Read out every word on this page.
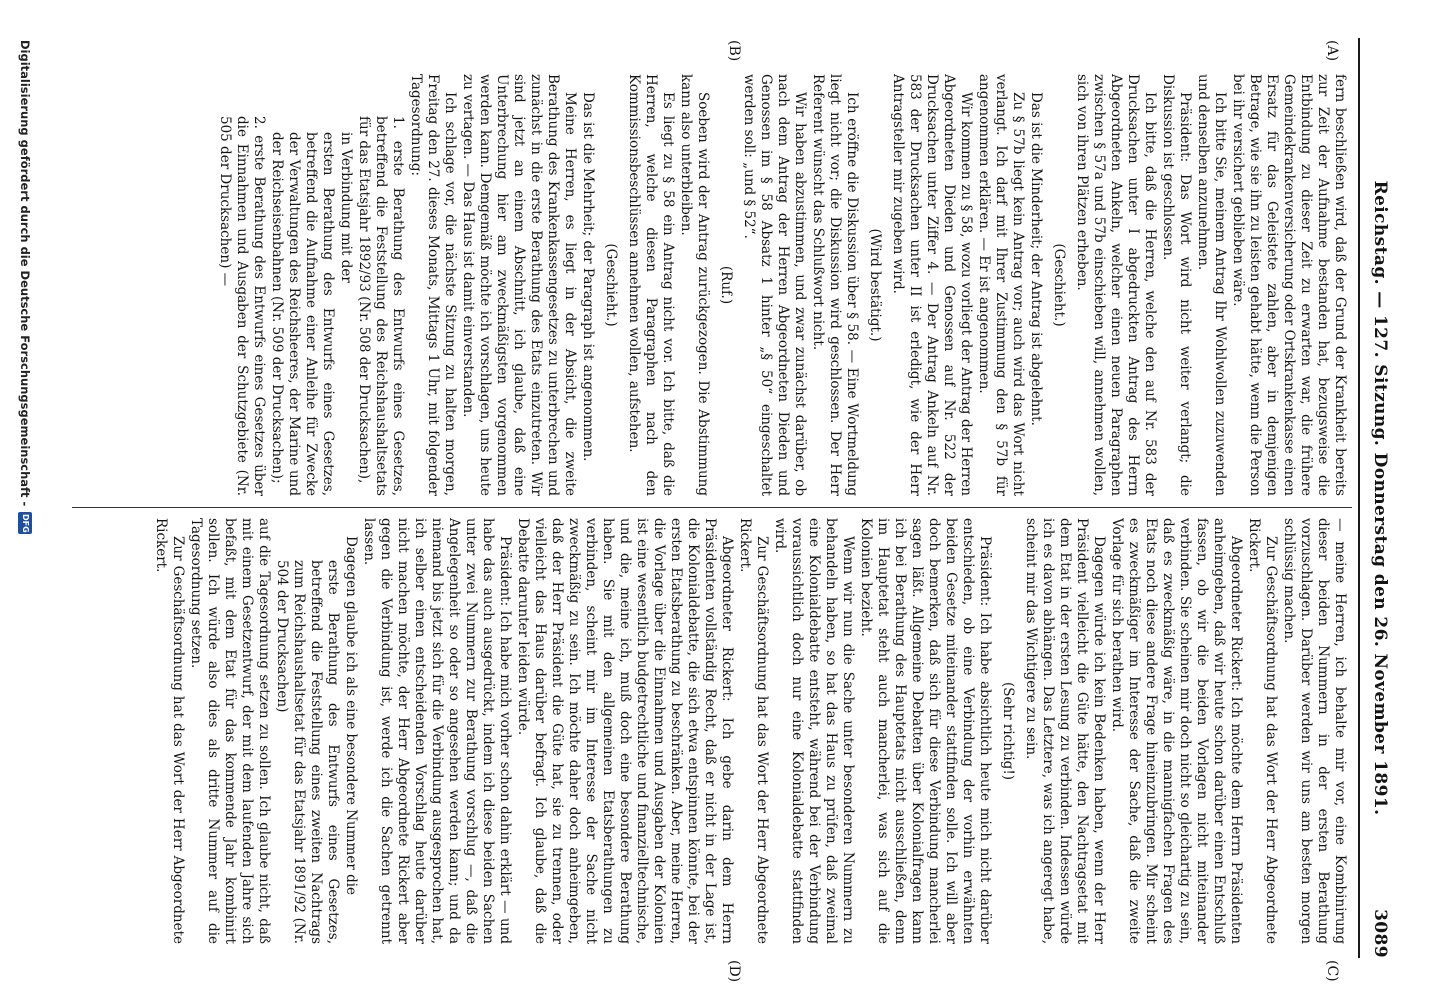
Reichstag. — 127. Sitzung. Donnerstag den 26. November 1891.
3089
(A)
(B)
(C)
(D)

fern beschließen wird, daß der Grund der Krankheit bereits zur Zeit der Aufnahme bestanden hat, bezugsweise die Entbindung zu dieser Zeit zu erwarten war, die frühere Gemeindekrankenversicherung oder Ortskrankenkasse einen Ersatz für das Geleistete zahlen, aber in demjenigen Betrage, wie sie ihn zu leisten gehabt hätte, wenn die Person bei ihr versichert geblieben wäre.

Ich bitte Sie, meinem Antrag Ihr Wohlwollen zuzuwenden und denselben anzunehmen.

Präsident: Das Wort wird nicht weiter verlangt; die Diskussion ist geschlossen.

Ich bitte, daß die Herren, welche den auf Nr. 583 der Drucksachen unter I abgedruckten Antrag des Herrn Abgeordneten Ankeln, welcher einen neuen Paragraphen zwischen § 57a und 57b einschieben will, annehmen wollen, sich von ihren Plätzen erheben.

(Geschieht.)

Das ist die Minderheit; der Antrag ist abgelehnt.

Zu § 57b liegt kein Antrag vor; auch wird das Wort nicht verlangt. Ich darf mit Ihrer Zustimmung den § 57b für angenommen erklären. — Er ist angenommen.

Wir kommen zu § 58, wozu vorliegt der Antrag der Herren Abgeordneten Dieden und Genossen auf Nr. 522 der Drucksachen unter Ziffer 4. — Der Antrag Ankeln auf Nr. 583 der Drucksachen unter II ist erledigt, wie der Herr Antragsteller mir zugeben wird.

(Wird bestätigt.)

Ich eröffne die Diskussion über § 58. — Eine Wortmeldung liegt nicht vor; die Diskussion wird geschlossen. Der Herr Referent wünscht das Schlußwort nicht.

Wir haben abzustimmen, und zwar zunächst darüber, ob nach dem Antrag der Herren Abgeordneten Dieden und Genossen im § 58 Absatz 1 hinter „§ 50“ eingeschaltet werden soll: „und § 52“.

(Ruf.)

Soeben wird der Antrag zurückgezogen. Die Abstimmung kann also unterbleiben.

Es liegt zu § 58 ein Antrag nicht vor. Ich bitte, daß die Herren, welche diesen Paragraphen nach den Kommissionsbeschlüssen annehmen wollen, aufstehen.

(Geschieht.)

Das ist die Mehrheit; der Paragraph ist angenommen.

Meine Herren, es liegt in der Absicht, die zweite Berathung des Krankenkassengesetzes zu unterbrechen und zunächst in die erste Berathung des Etats einzutreten. Wir sind jetzt an einem Abschnitt, ich glaube, daß eine Unterbrechung hier am zweckmäßigsten vorgenommen werden kann. Demgemäß möchte ich vorschlagen, uns heute zu vertagen. — Das Haus ist damit einverstanden.

Ich schlage vor, die nächste Sitzung zu halten morgen, Freitag den 27. dieses Monats, Mittags 1 Uhr, mit folgender Tagesordnung:

1. erste Berathung des Entwurfs eines Gesetzes, betreffend die Feststellung des Reichshaushaltsetats für das Etatsjahr 1892/93 (Nr. 508 der Drucksachen),

in Verbindung mit der

ersten Berathung des Entwurfs eines Gesetzes, betreffend die Aufnahme einer Anleihe für Zwecke der Verwaltungen des Reichsheeres, der Marine und der Reichseisenbahnen (Nr. 509 der Drucksachen);

2. erste Berathung des Entwurfs eines Gesetzes über die Einnahmen und Ausgaben der Schutzgebiete (Nr. 505 der Drucksachen) —

— meine Herren, ich behalte mir vor, eine Kombinirung dieser beiden Nummern in der ersten Berathung vorzuschlagen. Darüber werden wir uns am besten morgen schlüssig machen.

Zur Geschäftsordnung hat das Wort der Herr Abgeordnete Rickert.

Abgeordneter Rickert: Ich möchte dem Herrn Präsidenten anheimgeben, daß wir heute schon darüber einen Entschluß fassen, ob wir die beiden Vorlagen nicht miteinander verbinden. Sie scheinen mir doch nicht so gleichartig zu sein, daß es zweckmäßig wäre, in die mannigfachen Fragen des Etats noch diese andere Frage hineinzubringen. Mir scheint es zweckmäßiger im Interesse der Sache, daß die zweite Vorlage für sich berathen wird.

Dagegen würde ich kein Bedenken haben, wenn der Herr Präsident vielleicht die Güte hätte, den Nachtragsetat mit dem Etat in der ersten Lesung zu verbinden. Indessen würde ich es davon abhängen. Das Letztere, was ich angeregt habe, scheint mir das Wichtigere zu sein.

(Sehr richtig!)

Präsident: Ich habe absichtlich heute mich nicht darüber entschieden, ob eine Verbindung der vorhin erwähnten beiden Gesetze miteinander stattfinden solle. Ich will aber doch bemerken, daß sich für diese Verbindung mancherlei sagen läßt. Allgemeine Debatten über Kolonialfragen kann ich bei Berathung des Hauptetats nicht ausschließen, denn im Hauptetat steht auch mancherlei, was sich auf die Kolonien bezieht.

Wenn wir nun die Sache unter besonderen Nummern zu behandeln haben, so hat das Haus zu prüfen, daß zweimal eine Kolonialdebatte entsteht, während bei der Verbindung voraussichtlich doch nur eine Kolonialdebatte stattfinden wird.

Zur Geschäftsordnung hat das Wort der Herr Abgeordnete Rickert.

Abgeordneter Rickert: Ich gebe darin dem Herrn Präsidenten vollständig Recht, daß er nicht in der Lage ist, die Kolonialdebatte, die sich etwa entspinnen könnte, bei der ersten Etatsberathung zu beschränken. Aber, meine Herren, die Vorlage über die Einnahmen und Ausgaben der Kolonien ist eine wesentlich budgetrechtliche und finanzielltechnische, und die, meine ich, muß doch eine besondere Berathung haben. Sie mit den allgemeinen Etatsberathungen zu verbinden, scheint mir im Interesse der Sache nicht zweckmäßig zu sein. Ich möchte daher doch anheimgeben, daß der Herr Präsident die Güte hat, sie zu trennen, oder vielleicht das Haus darüber befragt. Ich glaube, daß die Debatte darunter leiden würde.

Präsident: Ich habe mich vorher schon dahin erklärt — und habe das auch ausgedrückt, indem ich diese beiden Sachen unter zwei Nummern zur Berathung vorschlug —, daß die Angelegenheit so oder so angesehen werden kann; und da niemand bis jetzt sich für die Verbindung ausgesprochen hat, ich selber einen entscheidenden Vorschlag heute darüber nicht machen möchte, der Herr Abgeordnete Rickert aber gegen die Verbindung ist, werde ich die Sachen getrennt lassen.

Dagegen glaube ich als eine besondere Nummer die

erste Berathung des Entwurfs eines Gesetzes, betreffend die Feststellung eines zweiten Nachtrags zum Reichshaushaltsetat für das Etatsjahr 1891/92 (Nr. 504 der Drucksachen)

auf die Tagesordnung setzen zu sollen. Ich glaube nicht, daß mit einem Gesetzentwurf, der mit dem laufenden Jahre sich befaßt, mit dem Etat für das kommende Jahr kombinirt sollen. Ich würde also dies als dritte Nummer auf die Tagesordnung setzen.

Zur Geschäftsordnung hat das Wort der Herr Abgeordnete Rickert.

Digitalisierung gefördert durch die Deutsche Forschungsgemeinschaft -
DFG
